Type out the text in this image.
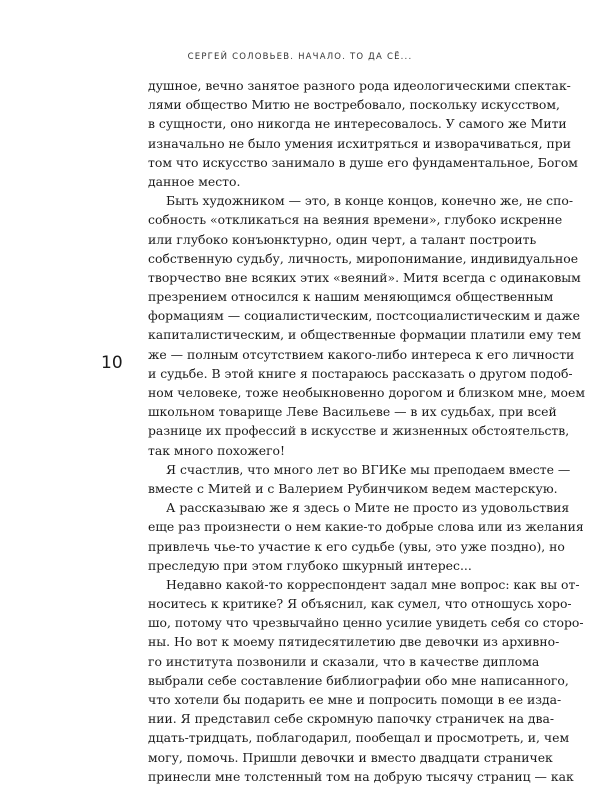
СЕРГЕЙ СОЛОВЬЕВ. НАЧАЛО. ТО ДА СЁ...
10
душное, вечно занятое разного рода идеологическими спектак-
лями общество Митю не востребовало, поскольку искусством,
в сущности, оно никогда не интересовалось. У самого же Мити
изначально не было умения исхитряться и изворачиваться, при
том что искусство занимало в душе его фундаментальное, Богом
данное место.
Быть художником — это, в конце концов, конечно же, не спо-
собность «откликаться на веяния времени», глубоко искренне
или глубоко конъюнктурно, один черт, а талант построить
собственную судьбу, личность, миропонимание, индивидуальное
творчество вне всяких этих «веяний». Митя всегда с одинаковым
презрением относился к нашим меняющимся общественным
формациям — социалистическим, постсоциалистическим и даже
капиталистическим, и общественные формации платили ему тем
же — полным отсутствием какого-либо интереса к его личности
и судьбе. В этой книге я постараюсь рассказать о другом подоб-
ном человеке, тоже необыкновенно дорогом и близком мне, моем
школьном товарище Леве Васильеве — в их судьбах, при всей
разнице их профессий в искусстве и жизненных обстоятельств,
так много похожего!
Я счастлив, что много лет во ВГИКе мы преподаем вместе —
вместе с Митей и с Валерием Рубинчиком ведем мастерскую.
А рассказываю же я здесь о Мите не просто из удовольствия
еще раз произнести о нем какие-то добрые слова или из желания
привлечь чье-то участие к его судьбе (увы, это уже поздно), но
преследую при этом глубоко шкурный интерес...
Недавно какой-то корреспондент задал мне вопрос: как вы от-
носитесь к критике? Я объяснил, как сумел, что отношусь хоро-
шо, потому что чрезвычайно ценно усилие увидеть себя со сторо-
ны. Но вот к моему пятидесятилетию две девочки из архивно-
го института позвонили и сказали, что в качестве диплома
выбрали себе составление библиографии обо мне написанного,
что хотели бы подарить ее мне и попросить помощи в ее изда-
нии. Я представил себе скромную папочку страничек на два-
дцать-тридцать, поблагодарил, пообещал и просмотреть, и, чем
могу, помочь. Пришли девочки и вместо двадцати страничек
принесли мне толстенный том на добрую тысячу страниц — как
